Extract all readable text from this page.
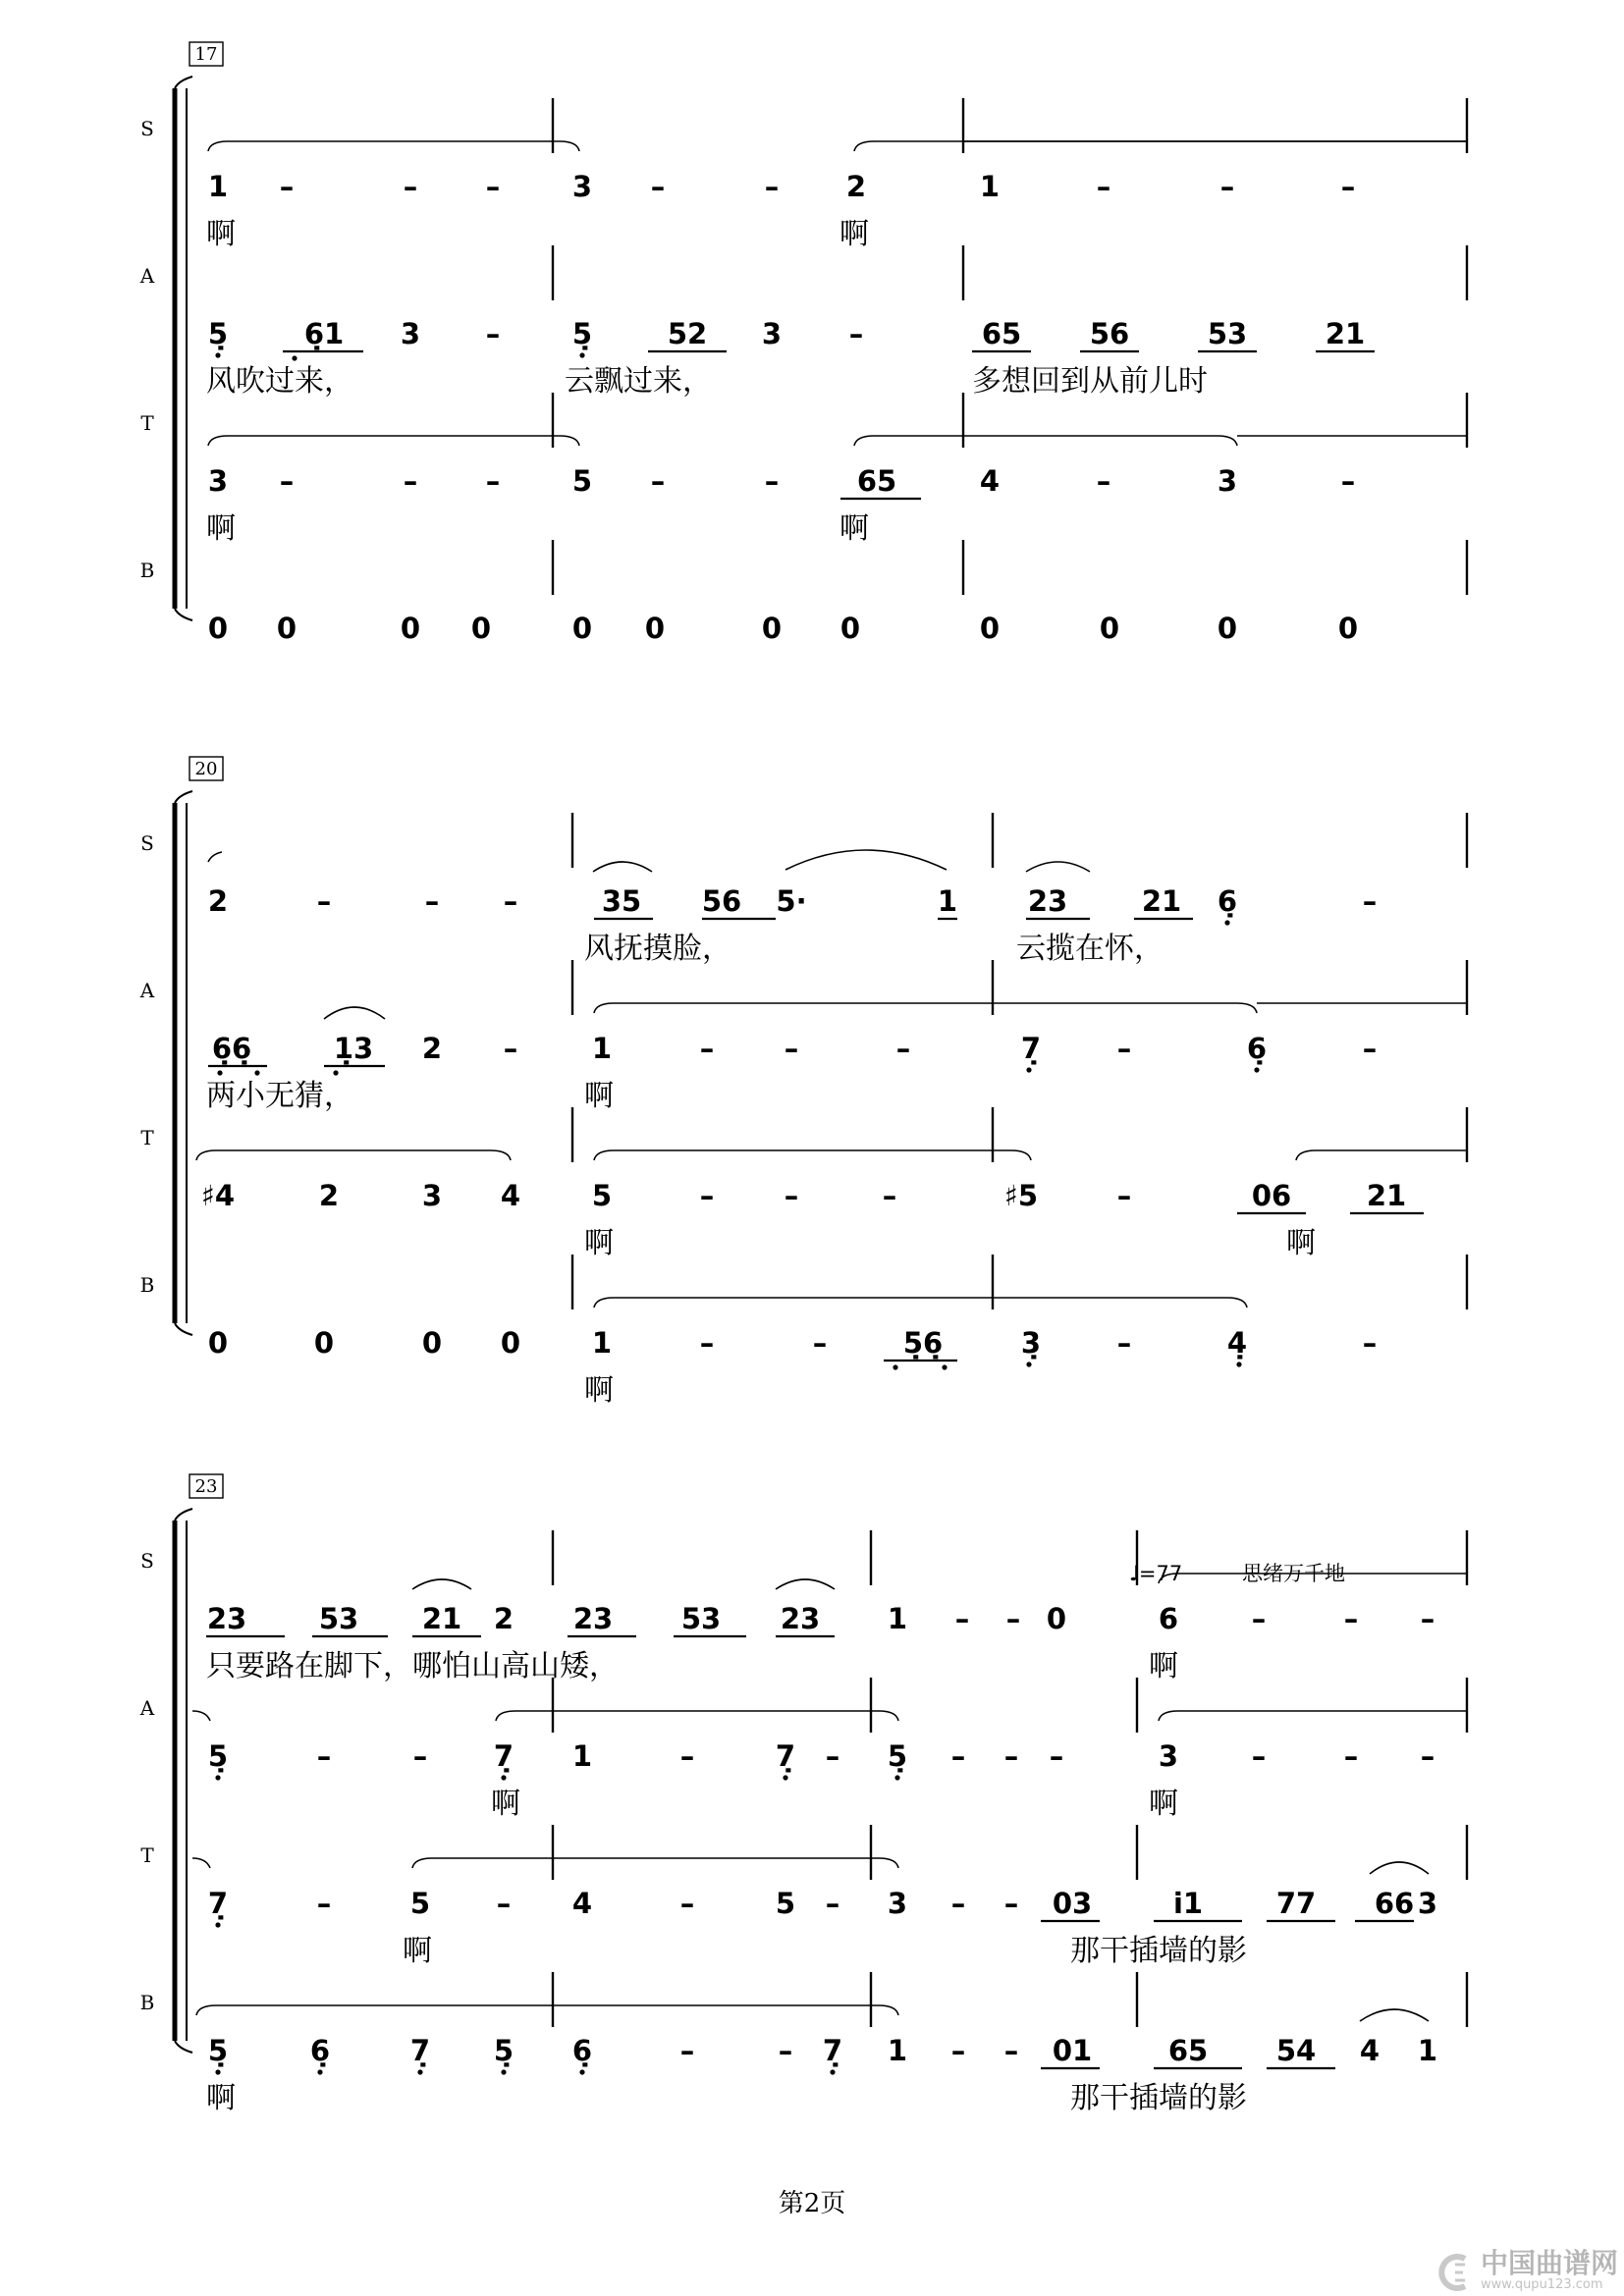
17
S
A
T
B
20
S
A
T
B
23
S
A
T
B
1 –	– –	3 –	– 2	1	–	–	–
啊	啊
5̣	6̣1 3 –	5̣	52 3 –	65 56	53	21
风吹过来，	云飘过来，	多想回到从前儿时
3 –	– –	5 –	–	65	4	–	3	–
啊	啊
0 0	0 0	0 0	0 0	0	0	0	0
2	–	– –	35 56 5·	1 23	21 6̣	–
风抚摸脸，	云揽在怀，
6̣6̣	1̣3 2 –	1	– –	–	7̣	–	6̣	–
两小无猜，	啊
♯4	2	3 4	5	– –	–	♯5	–	06	21
啊	啊
0	0	0 0	1	–	–	5̣6̣	3̣	–	4̣	–
啊
23	53 21 2 23 53 23 1 – – 0	6	–	– –
只要路在脚下，哪怕山高山矮，	啊
5̣	–	– 7̣ 1	–	7̣ – 5̣ – – –	3	–	– –
啊	啊
7̣	–	5 – 4	–	5 – 3 – – 03	i̇1	77 66 3
啊	那干插墙的影
5̣	6̣	7̣ 5̣ 6̣	–	– 7̣ 1 – – 01	65 54 4 1
啊	那干插墙的影
♩=77	思绪万千地
第2页
中国曲谱网
www.qupu123.com
